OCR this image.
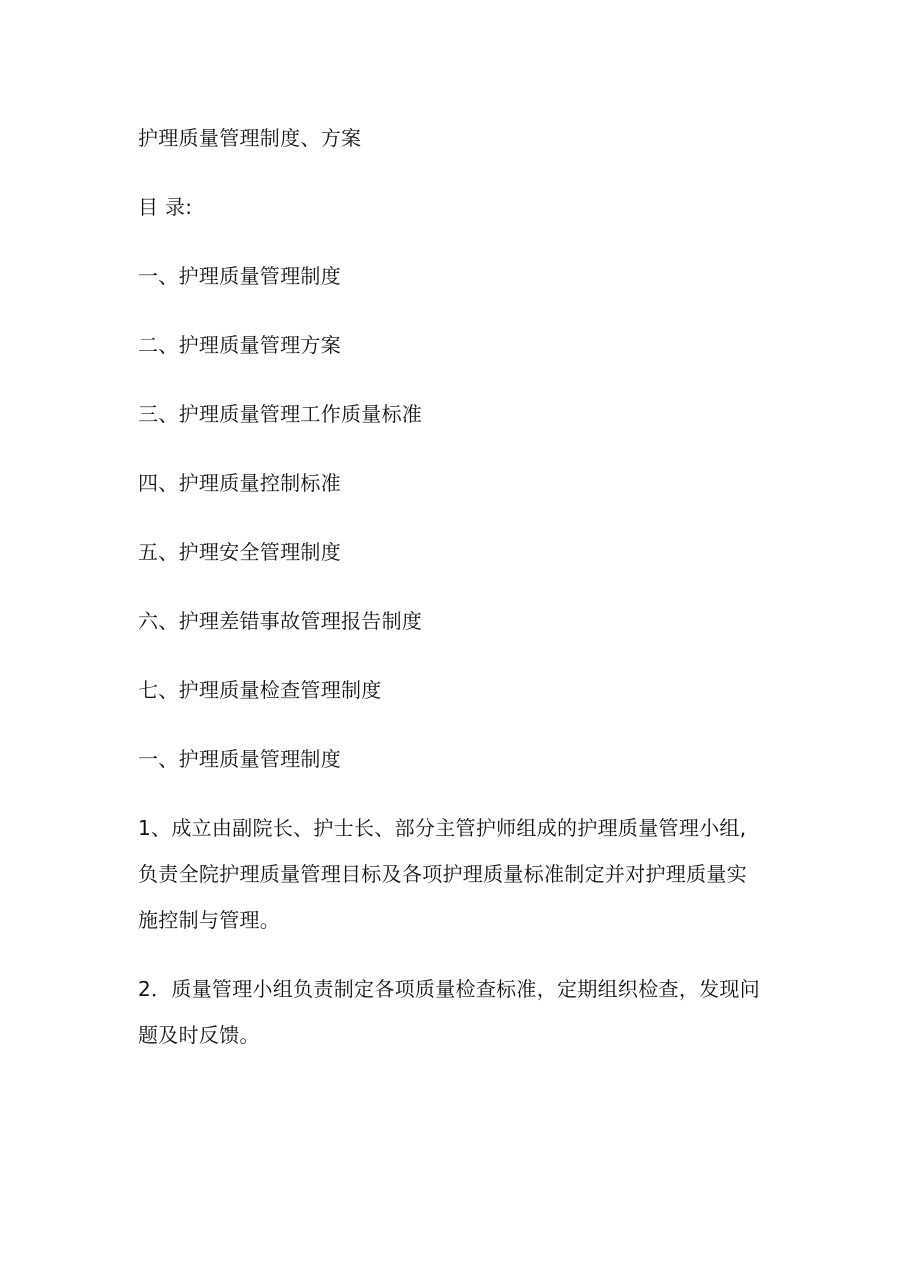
护理质量管理制度、方案
目 录:
一、护理质量管理制度
二、护理质量管理方案
三、护理质量管理工作质量标准
四、护理质量控制标准
五、护理安全管理制度
六、护理差错事故管理报告制度
七、护理质量检查管理制度
一、护理质量管理制度
1、成立由副院长、护士长、部分主管护师组成的护理质量管理小组,
负责全院护理质量管理目标及各项护理质量标准制定并对护理质量实
施控制与管理。
2．质量管理小组负责制定各项质量检查标准，定期组织检查，发现问
题及时反馈。
